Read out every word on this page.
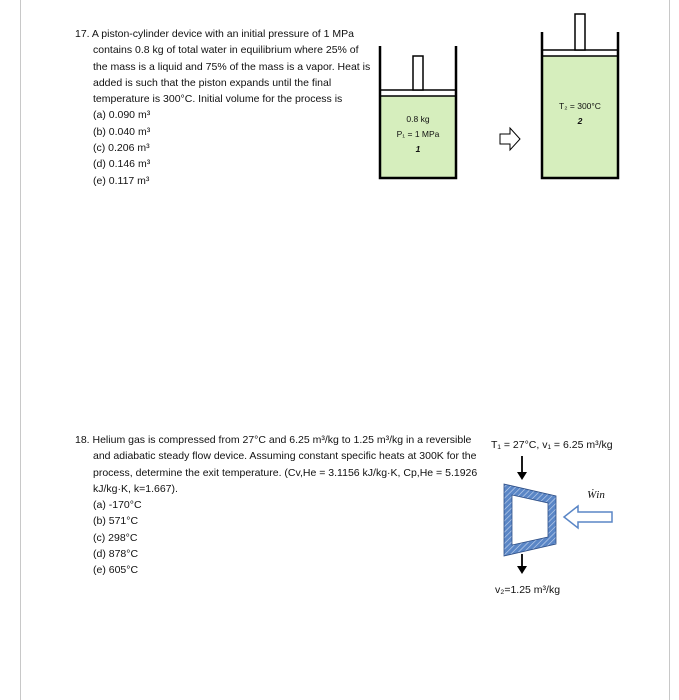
17. A piston-cylinder device with an initial pressure of 1 MPa contains 0.8 kg of total water in equilibrium where 25% of the mass is a liquid and 75% of the mass is a vapor. Heat is added is such that the piston expands until the final temperature is 300°C. Initial volume for the process is

(a) 0.090 m³

(b) 0.040 m³

(c) 0.206 m³

(d) 0.146 m³

(e) 0.117 m³

0.8 kg
P₁ = 1 MPa
1
T₂ = 300°C
2

18. Helium gas is compressed from 27°C and 6.25 m³/kg to 1.25 m³/kg in a reversible and adiabatic steady flow device. Assuming constant specific heats at 300K for the process, determine the exit temperature. (Cv,He = 3.1156 kJ/kg·K, Cp,He = 5.1926 kJ/kg·K, k=1.667).

(a) -170°C

(b) 571°C

(c) 298°C

(d) 878°C

(e) 605°C

T₁ = 27°C, v₁ = 6.25 m³/kg
Ẇin
v₂=1.25 m³/kg
